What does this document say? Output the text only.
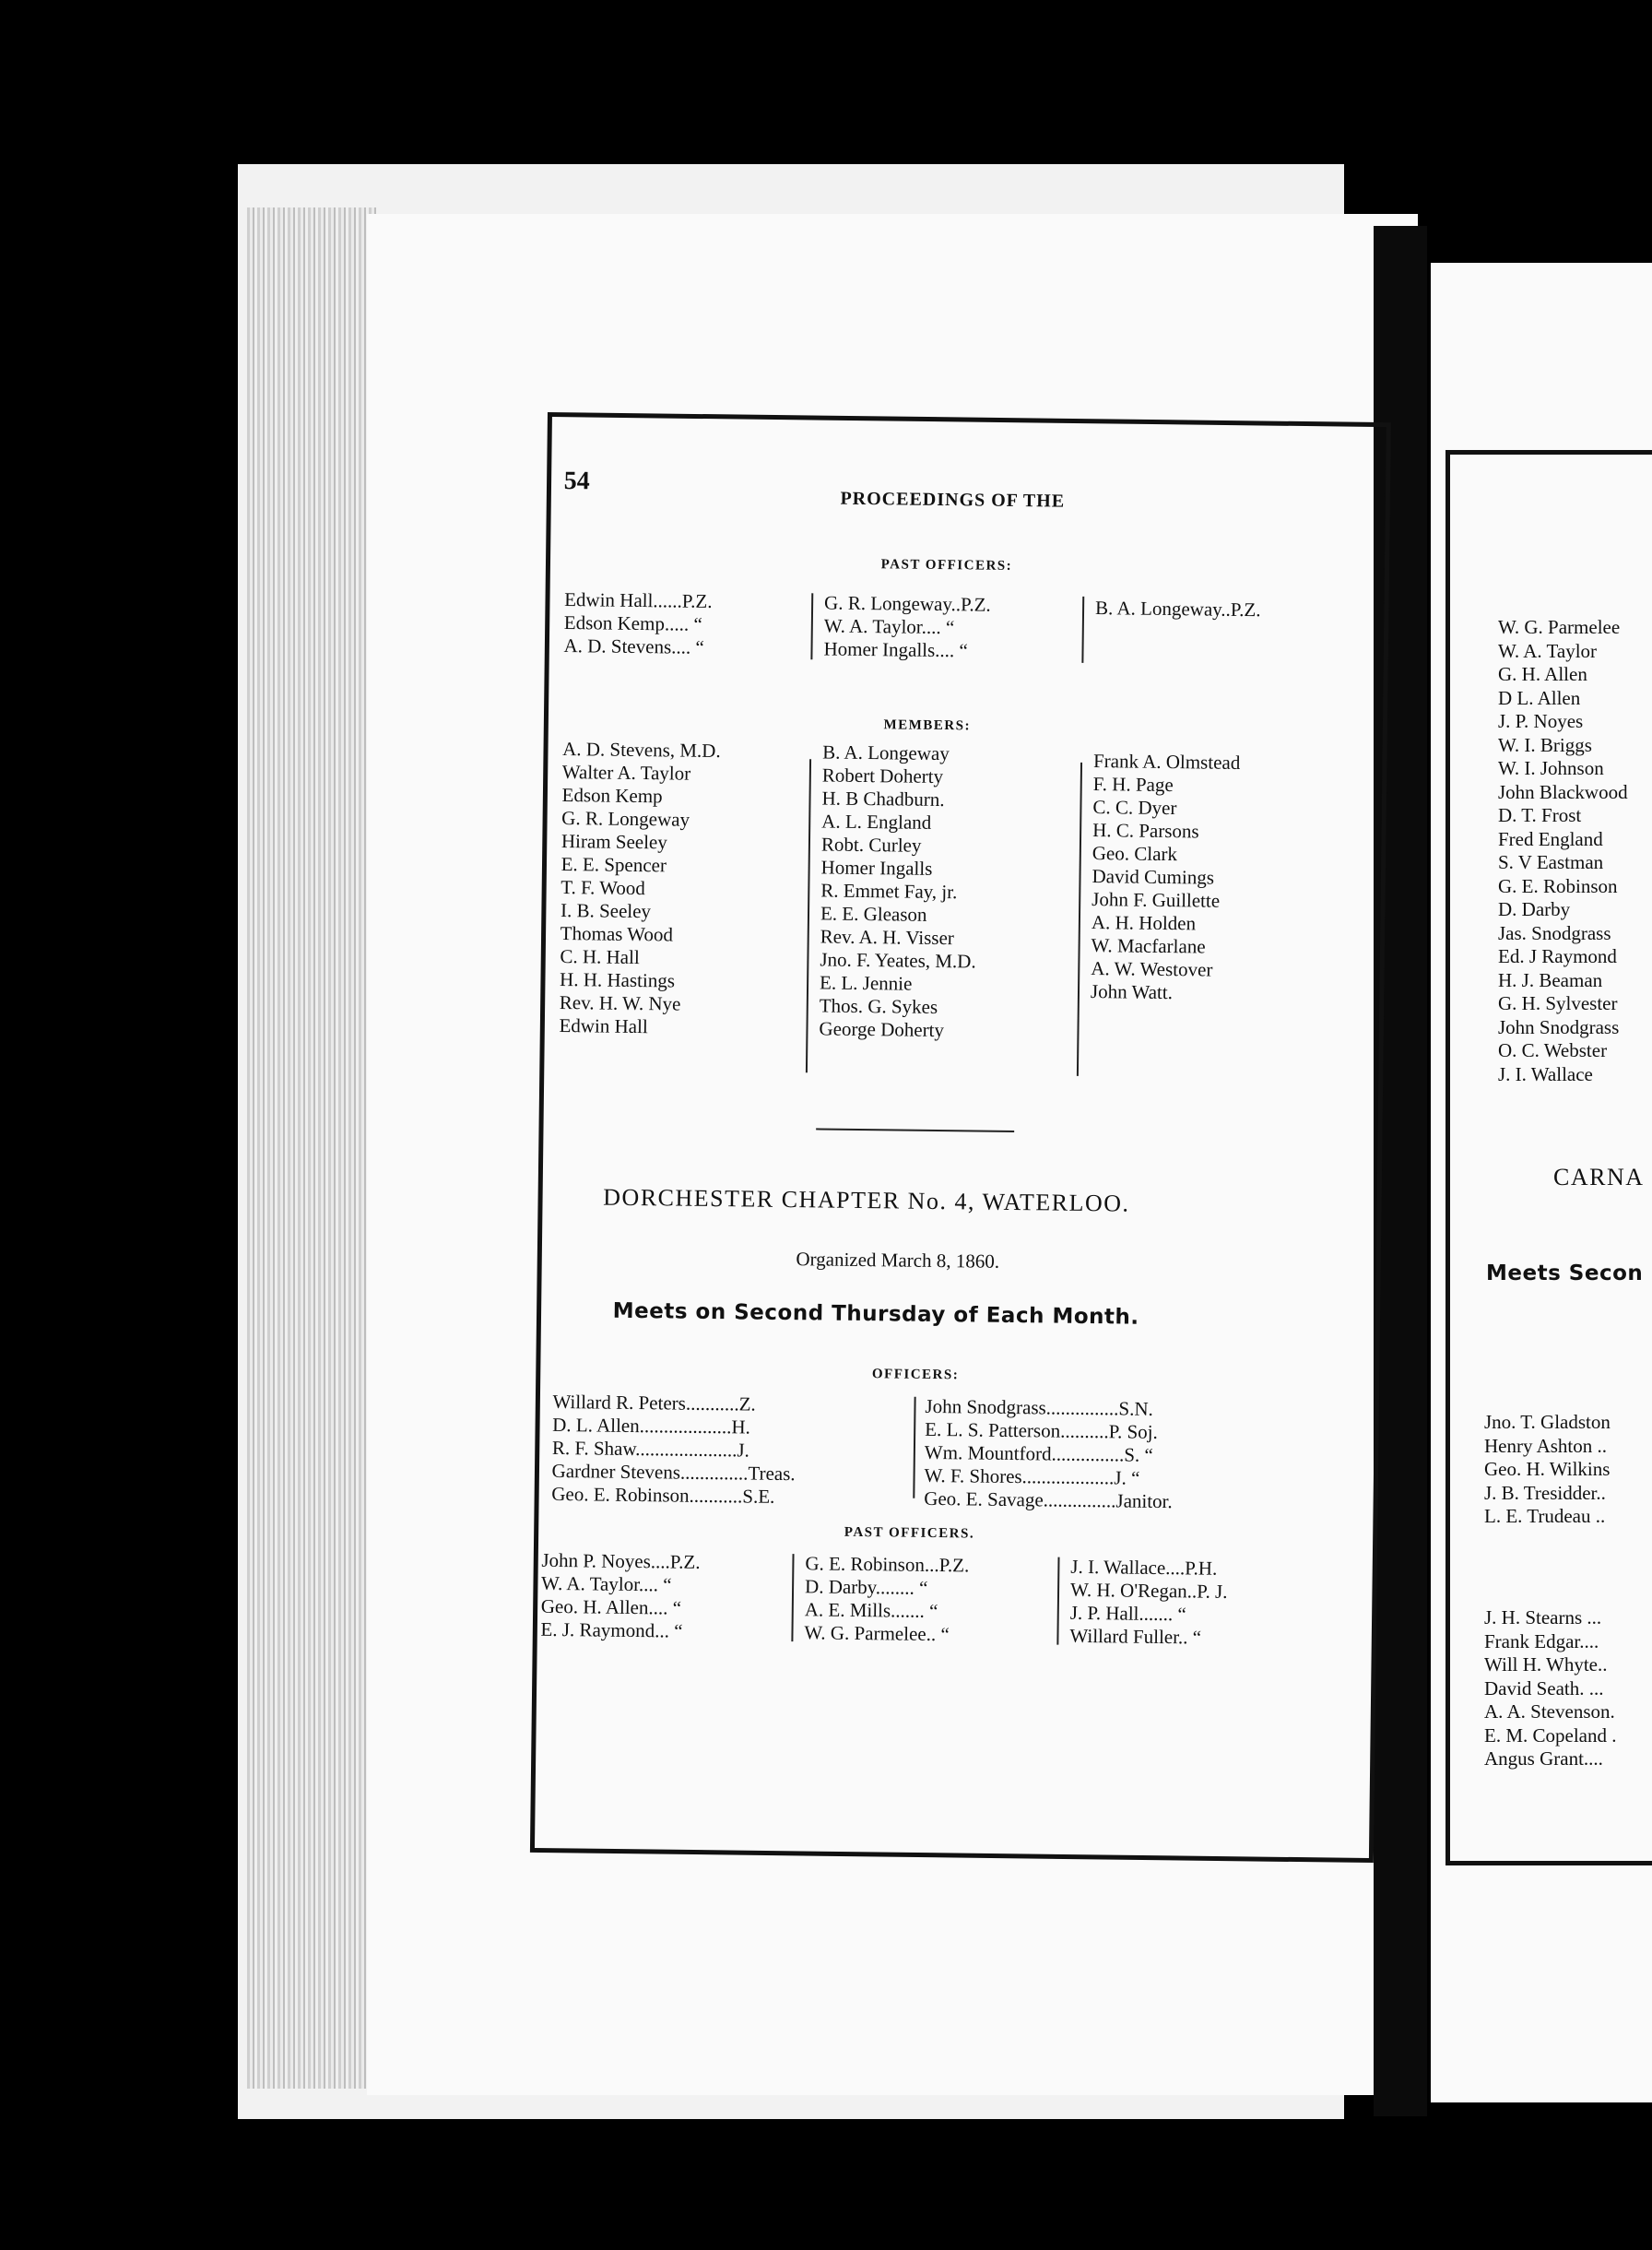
54
PROCEEDINGS OF THE
PAST OFFICERS:
Edwin Hall......P.Z.
Edson Kemp..... “
A. D. Stevens.... “
G. R. Longeway..P.Z.
W. A. Taylor.... “
Homer Ingalls.... “
B. A. Longeway..P.Z.
MEMBERS:
A. D. Stevens, M.D.
Walter A. Taylor
Edson Kemp
G. R. Longeway
Hiram Seeley
E. E. Spencer
T. F. Wood
I. B. Seeley
Thomas Wood
C. H. Hall
H. H. Hastings
Rev. H. W. Nye
Edwin Hall
B. A. Longeway
Robert Doherty
H. B Chadburn.
A. L. England
Robt. Curley
Homer Ingalls
R. Emmet Fay, jr.
E. E. Gleason
Rev. A. H. Visser
Jno. F. Yeates, M.D.
E. L. Jennie
Thos. G. Sykes
George Doherty
Frank A. Olmstead
F. H. Page
C. C. Dyer
H. C. Parsons
Geo. Clark
David Cumings
John F. Guillette
A. H. Holden
W. Macfarlane
A. W. Westover
John Watt.
DORCHESTER CHAPTER No. 4, WATERLOO.
Organized March 8, 1860.
Meets on Second Thursday of Each Month.
OFFICERS:
Willard R. Peters...........Z.
D. L. Allen...................H.
R. F. Shaw.....................J.
Gardner Stevens..............Treas.
Geo. E. Robinson...........S.E.
John Snodgrass...............S.N.
E. L. S. Patterson..........P. Soj.
Wm. Mountford...............S. “
W. F. Shores...................J. “
Geo. E. Savage...............Janitor.
PAST OFFICERS.
John P. Noyes....P.Z.
W. A. Taylor.... “
Geo. H. Allen.... “
E. J. Raymond... “
G. E. Robinson...P.Z.
D. Darby........ “
A. E. Mills....... “
W. G. Parmelee.. “
J. I. Wallace....P.H.
W. H. O'Regan..P. J.
J. P. Hall....... “
Willard Fuller.. “
W. G. Parmelee
W. A. Taylor
G. H. Allen
D L. Allen
J. P. Noyes
W. I. Briggs
W. I. Johnson
John Blackwood
D. T. Frost
Fred England
S. V Eastman
G. E. Robinson
D. Darby
Jas. Snodgrass
Ed. J Raymond
H. J. Beaman
G. H. Sylvester
John Snodgrass
O. C. Webster
J. I. Wallace
CARNA
Meets Secon
Jno. T. Gladston
Henry Ashton ..
Geo. H. Wilkins
J. B. Tresidder..
L. E. Trudeau ..
J. H. Stearns ...
Frank Edgar....
Will H. Whyte..
David Seath. ...
A. A. Stevenson.
E. M. Copeland .
Angus Grant....
